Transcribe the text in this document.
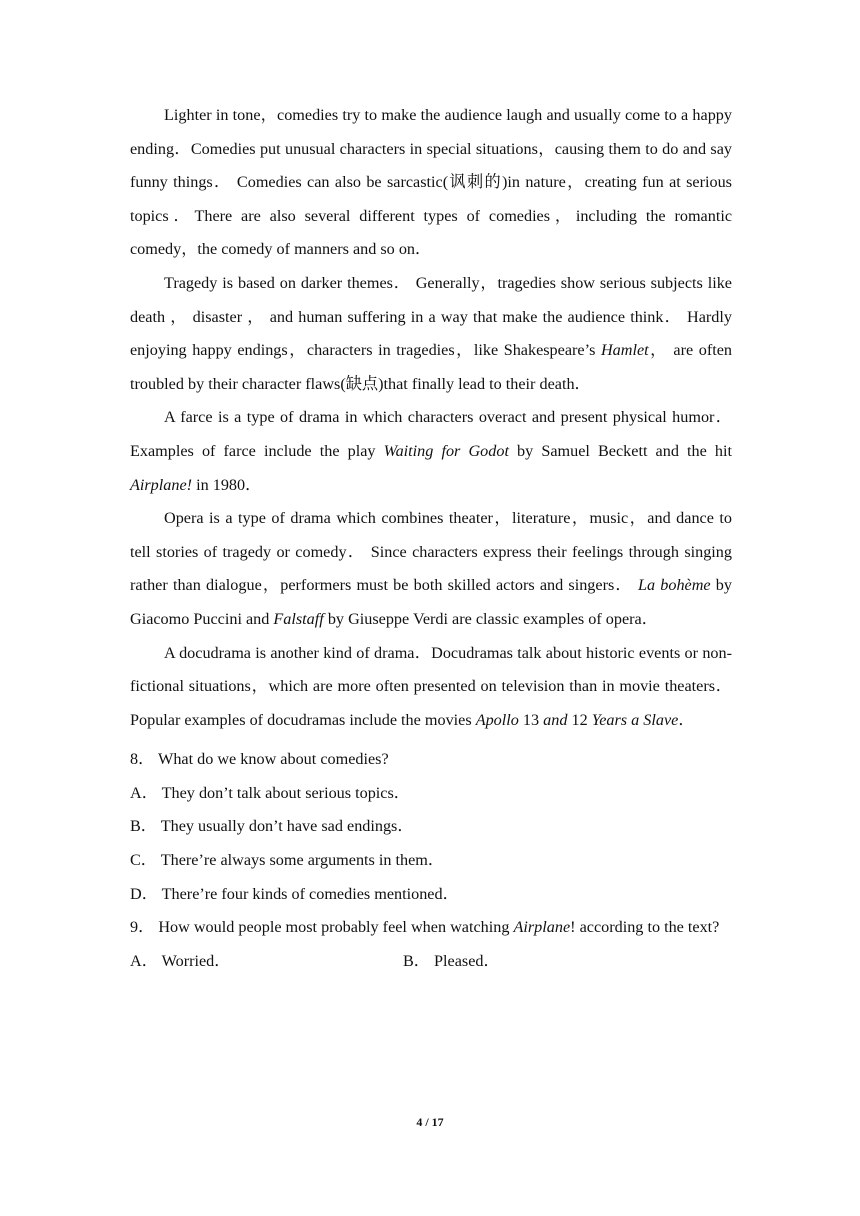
Lighter in tone，comedies try to make the audience laugh and usually come to a happy ending．Comedies put unusual characters in special situations，causing them to do and say funny things． Comedies can also be sarcastic(讽刺的)in nature，creating fun at serious topics．There are also several different types of comedies，including the romantic comedy，the comedy of manners and so on．

Tragedy is based on darker themes． Generally，tragedies show serious subjects like death ， disaster ， and human suffering in a way that make the audience think． Hardly enjoying happy endings，characters in tragedies，like Shakespeare’s Hamlet， are often troubled by their character flaws(缺点)that finally lead to their death．

A farce is a type of drama in which characters overact and present physical humor． Examples of farce include the play Waiting for Godot by Samuel Beckett and the hit Airplane! in 1980．

Opera is a type of drama which combines theater，literature，music，and dance to tell stories of tragedy or comedy． Since characters express their feelings through singing rather than dialogue，performers must be both skilled actors and singers． La bohème by Giacomo Puccini and Falstaff by Giuseppe Verdi are classic examples of opera．

A docudrama is another kind of drama．Docudramas talk about historic events or non- fictional situations，which are more often presented on television than in movie theaters．Popular examples of docudramas include the movies Apollo 13 and 12 Years a Slave．

8． What do we know about comedies?

A． They don’t talk about serious topics．

B． They usually don’t have sad endings．

C． There’re always some arguments in them．

D． There’re four kinds of comedies mentioned．

9． How would people most probably feel when watching Airplane! according to the text?

A． Worried．	B． Pleased．
4 / 17
